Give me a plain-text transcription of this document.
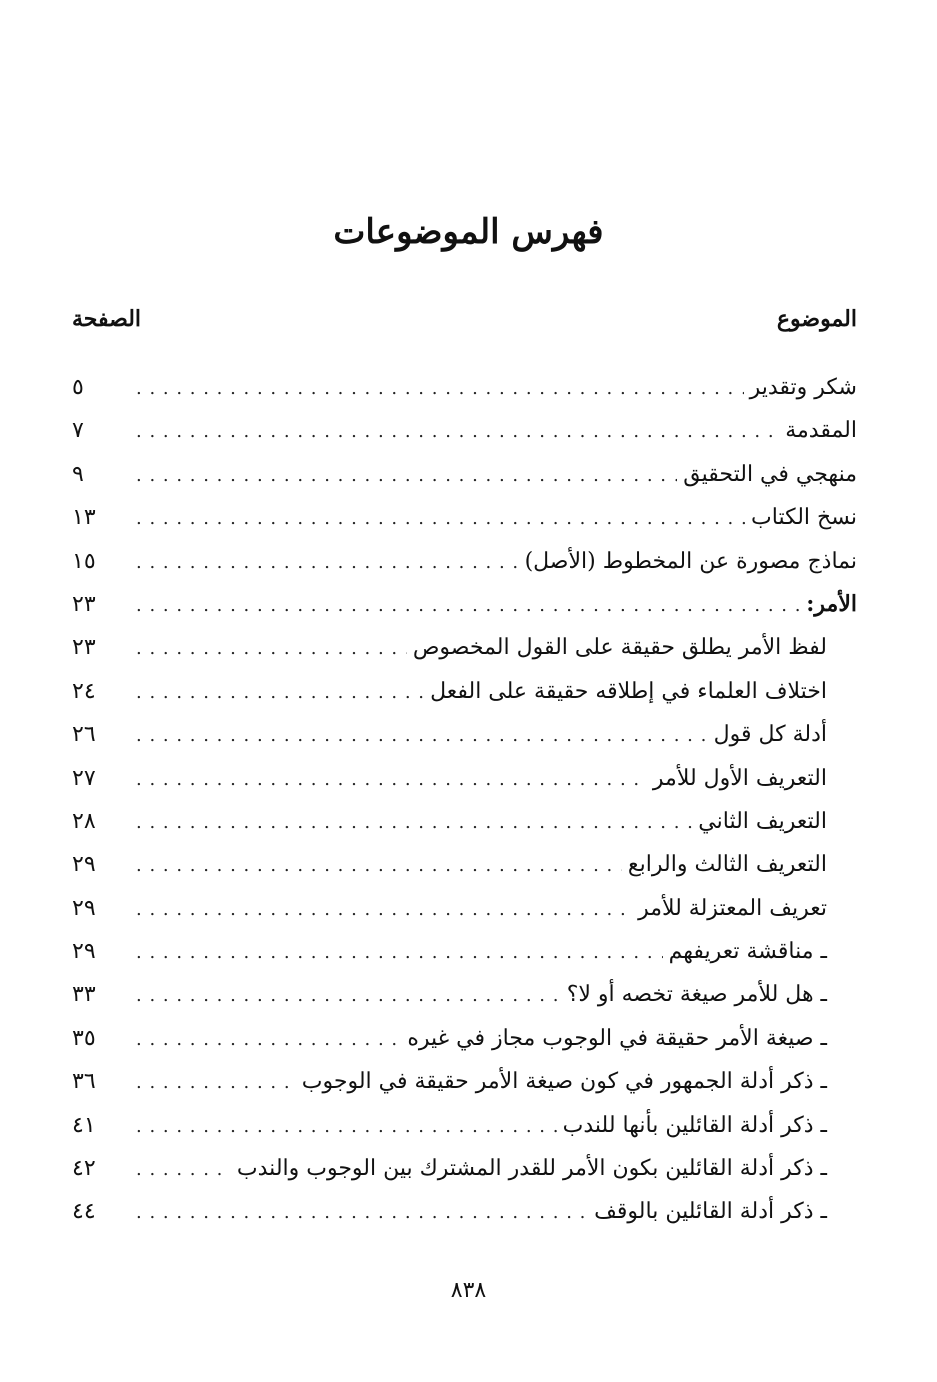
فهرس الموضوعات
الموضوع
الصفحة
شكر وتقدير
. . .
٥
المقدمة
. . .
٧
منهجي في التحقيق
. . .
٩
نسخ الكتاب
. . .
١٣
نماذج مصورة عن المخطوط (الأصل)
. . .
١٥
الأمر:
. . .
٢٣
لفظ الأمر يطلق حقيقة على القول المخصوص
. . .
٢٣
اختلاف العلماء في إطلاقه حقيقة على الفعل
. . .
٢٤
أدلة كل قول
. . .
٢٦
التعريف الأول للأمر
. . .
٢٧
التعريف الثاني
. . .
٢٨
التعريف الثالث والرابع
. . .
٢٩
تعريف المعتزلة للأمر
. . .
٢٩
ـ مناقشة تعريفهم
. . .
٢٩
ـ هل للأمر صيغة تخصه أو لا؟
. . .
٣٣
ـ صيغة الأمر حقيقة في الوجوب مجاز في غيره
. . .
٣٥
ـ ذكر أدلة الجمهور في كون صيغة الأمر حقيقة في الوجوب
. . .
٣٦
ـ ذكر أدلة القائلين بأنها للندب
. . .
٤١
ـ ذكر أدلة القائلين بكون الأمر للقدر المشترك بين الوجوب والندب
. . .
٤٢
ـ ذكر أدلة القائلين بالوقف
. . .
٤٤
٨٣٨
